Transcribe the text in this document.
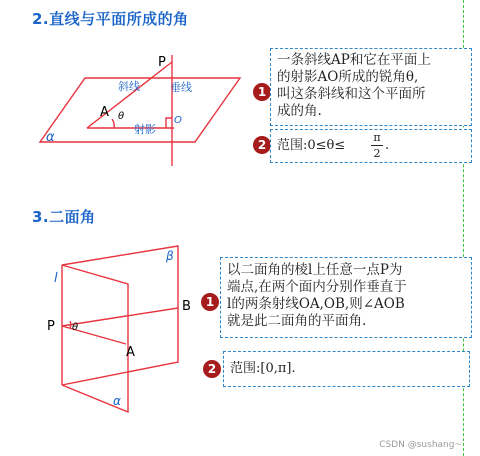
2.直线与平面所成的角
P
A
O
θ
α
斜线	垂线
射影
1
一条斜线AP和它在平面上
的射影AO所成的锐角θ,
叫这条斜线和这个平面所
成的角.
2 范围:0≤θ≤
π
2
.
3.二面角
l
β
α
P θ
A
B	1
以二面角的棱l上任意一点P为
端点,在两个面内分别作垂直于
l的两条射线OA,OB,则∠AOB
就是此二面角的平面角.
2	范围:[0,π].
CSDN @sushang~
